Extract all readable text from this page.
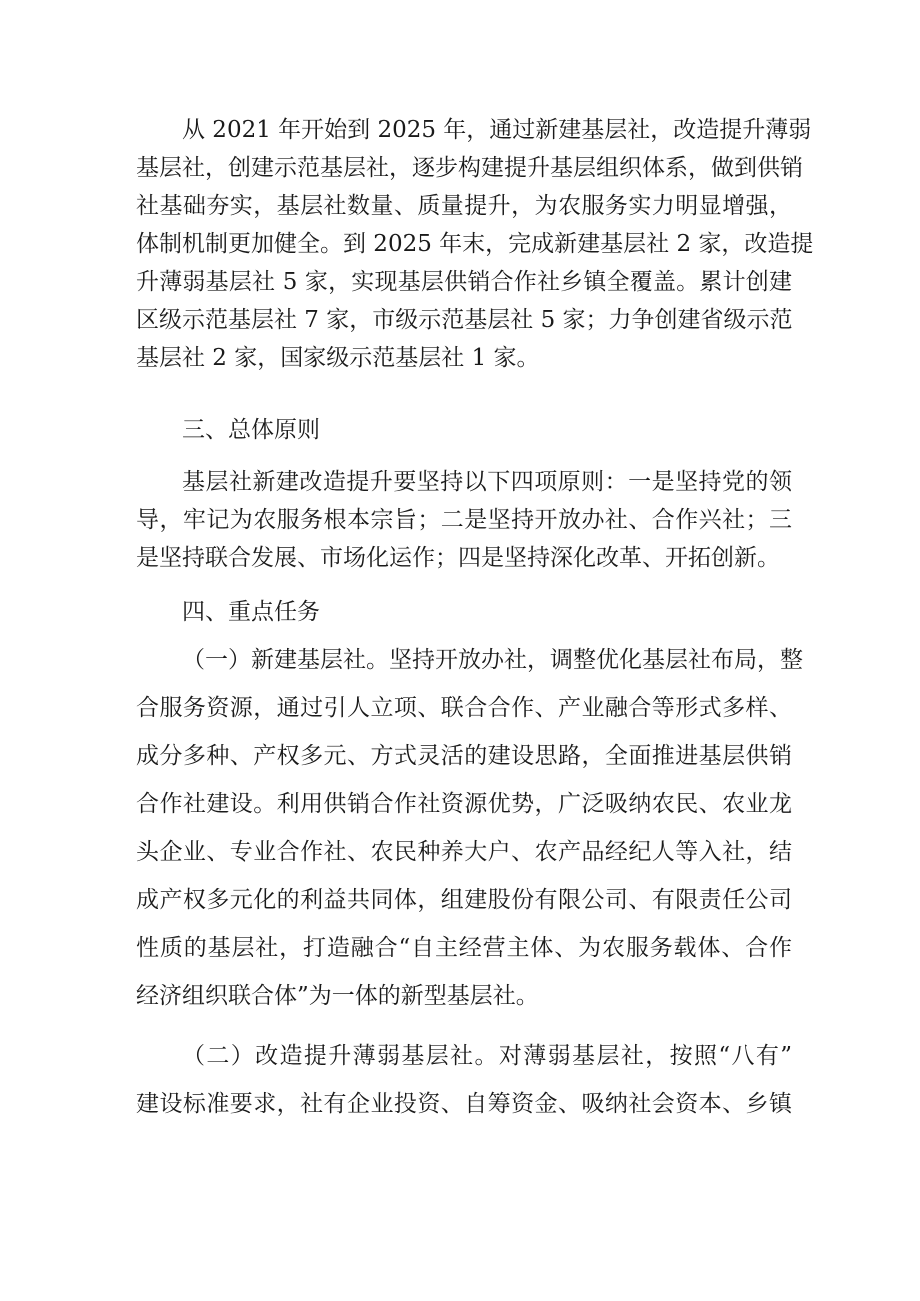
从 2021 年开始到 2025 年，通过新建基层社，改造提升薄弱
基层社，创建示范基层社，逐步构建提升基层组织体系，做到供销
社基础夯实，基层社数量、质量提升，为农服务实力明显增强，
体制机制更加健全。到 2025 年末，完成新建基层社 2 家，改造提
升薄弱基层社 5 家，实现基层供销合作社乡镇全覆盖。累计创建
区级示范基层社 7 家，市级示范基层社 5 家；力争创建省级示范
基层社 2 家，国家级示范基层社 1 家。
三、总体原则
基层社新建改造提升要坚持以下四项原则：一是坚持党的领
导，牢记为农服务根本宗旨；二是坚持开放办社、合作兴社；三
是坚持联合发展、市场化运作；四是坚持深化改革、开拓创新。
四、重点任务
（一）新建基层社。坚持开放办社，调整优化基层社布局，整
合服务资源，通过引人立项、联合合作、产业融合等形式多样、
成分多种、产权多元、方式灵活的建设思路，全面推进基层供销
合作社建设。利用供销合作社资源优势，广泛吸纳农民、农业龙
头企业、专业合作社、农民种养大户、农产品经纪人等入社，结
成产权多元化的利益共同体，组建股份有限公司、有限责任公司
性质的基层社，打造融合“自主经营主体、为农服务载体、合作
经济组织联合体”为一体的新型基层社。
（二）改造提升薄弱基层社。对薄弱基层社，按照“八有”
建设标准要求，社有企业投资、自筹资金、吸纳社会资本、乡镇
